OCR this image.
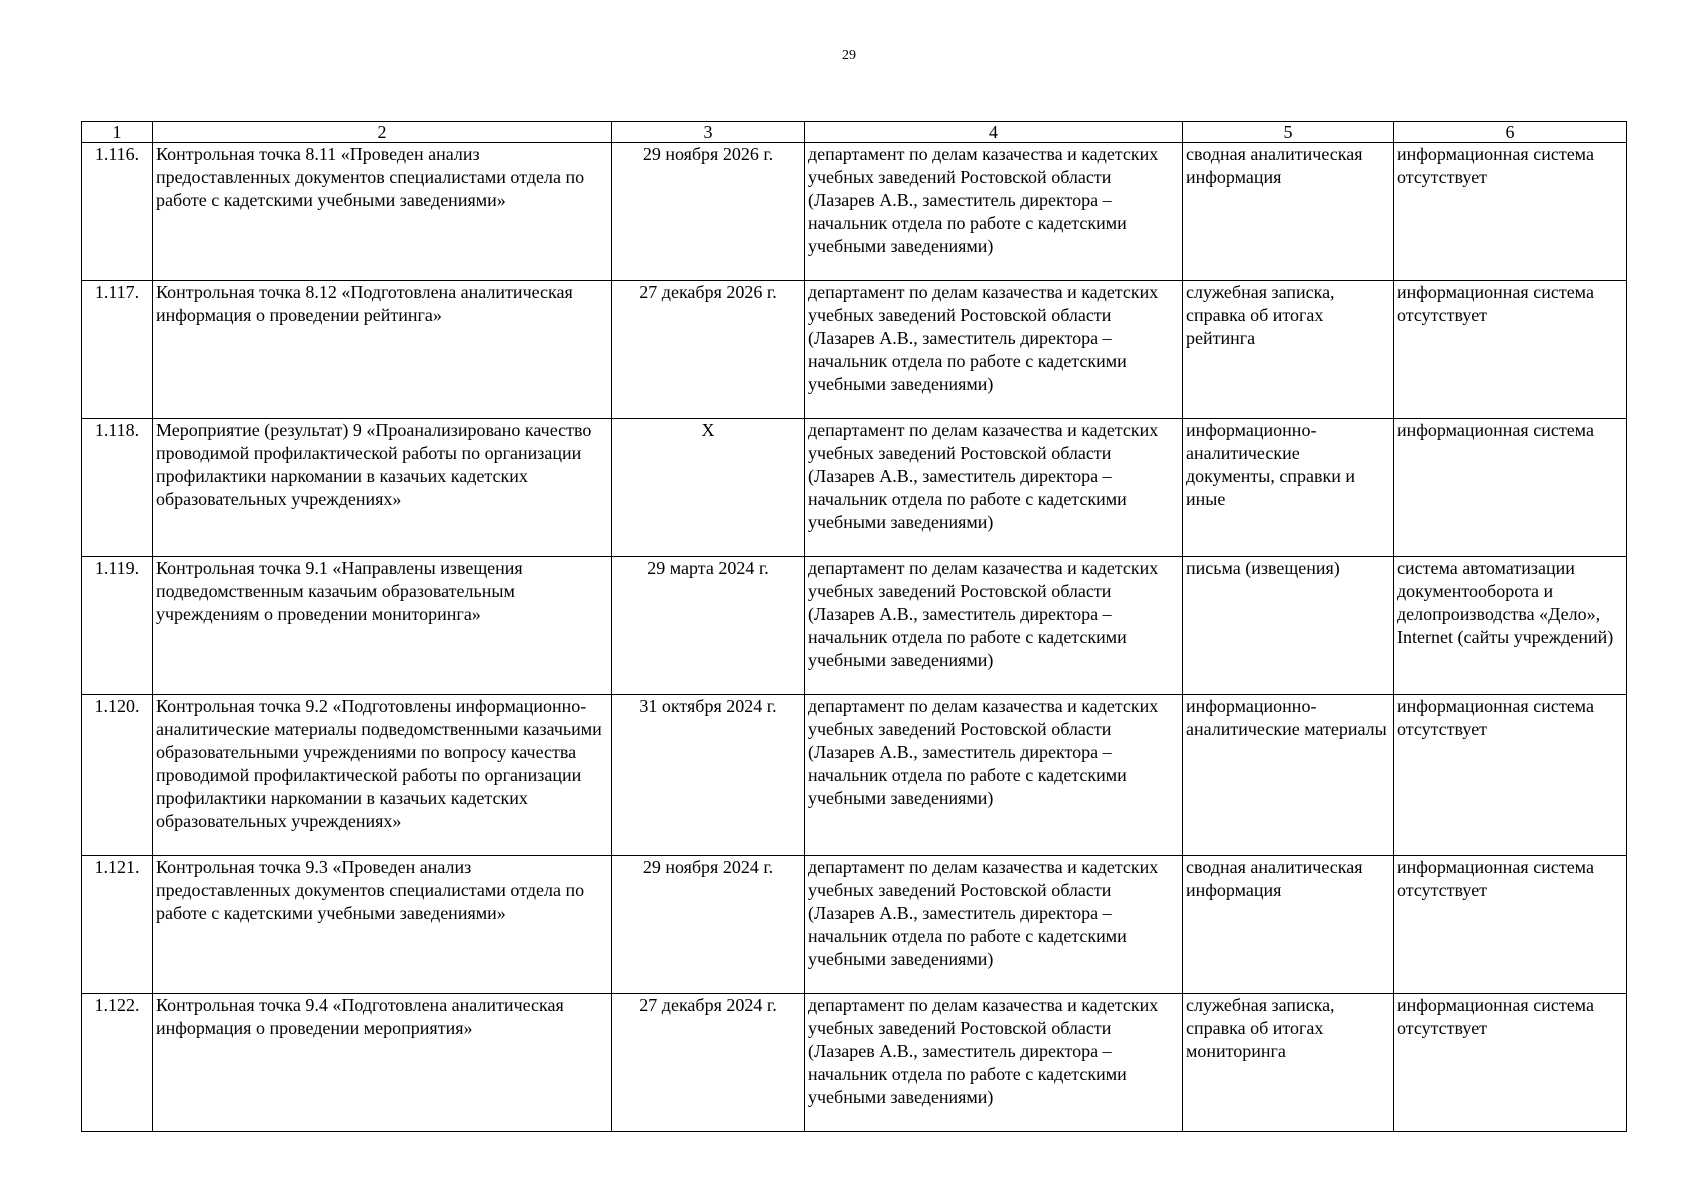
29
1	2	3	4	5	6
1.116.	Контрольная точка 8.11 «Проведен анализ предоставленных документов специалистами отдела по работе с кадетскими учебными заведениями»	29 ноября 2026 г.	департамент по делам казачества и кадетских учебных заведений Ростовской области (Лазарев А.В., заместитель директора – начальник отдела по работе с кадетскими учебными заведениями)	сводная аналитическая информация	информационная система отсутствует
1.117.	Контрольная точка 8.12 «Подготовлена аналитическая информация о проведении рейтинга»	27 декабря 2026 г.	департамент по делам казачества и кадетских учебных заведений Ростовской области (Лазарев А.В., заместитель директора – начальник отдела по работе с кадетскими учебными заведениями)	служебная записка, справка об итогах рейтинга	информационная система отсутствует
1.118.	Мероприятие (результат) 9 «Проанализировано качество проводимой профилактической работы по организации профилактики наркомании в казачьих кадетских образовательных учреждениях»	X	департамент по делам казачества и кадетских учебных заведений Ростовской области (Лазарев А.В., заместитель директора – начальник отдела по работе с кадетскими учебными заведениями)	информационно-аналитические документы, справки и иные	информационная система
1.119.	Контрольная точка 9.1 «Направлены извещения подведомственным казачьим образовательным учреждениям о проведении мониторинга»	29 марта 2024 г.	департамент по делам казачества и кадетских учебных заведений Ростовской области (Лазарев А.В., заместитель директора – начальник отдела по работе с кадетскими учебными заведениями)	письма (извещения)	система автоматизации документооборота и делопроизводства «Дело», Internet (сайты учреждений)
1.120.	Контрольная точка 9.2 «Подготовлены информационно-аналитические материалы подведомственными казачьими образовательными учреждениями по вопросу качества проводимой профилактической работы по организации профилактики наркомании в казачьих кадетских образовательных учреждениях»	31 октября 2024 г.	департамент по делам казачества и кадетских учебных заведений Ростовской области (Лазарев А.В., заместитель директора – начальник отдела по работе с кадетскими учебными заведениями)	информационно-аналитические материалы	информационная система отсутствует
1.121.	Контрольная точка 9.3 «Проведен анализ предоставленных документов специалистами отдела по работе с кадетскими учебными заведениями»	29 ноября 2024 г.	департамент по делам казачества и кадетских учебных заведений Ростовской области (Лазарев А.В., заместитель директора – начальник отдела по работе с кадетскими учебными заведениями)	сводная аналитическая информация	информационная система отсутствует
1.122.	Контрольная точка 9.4 «Подготовлена аналитическая информация о проведении мероприятия»	27 декабря 2024 г.	департамент по делам казачества и кадетских учебных заведений Ростовской области (Лазарев А.В., заместитель директора – начальник отдела по работе с кадетскими учебными заведениями)	служебная записка, справка об итогах мониторинга	информационная система отсутствует
